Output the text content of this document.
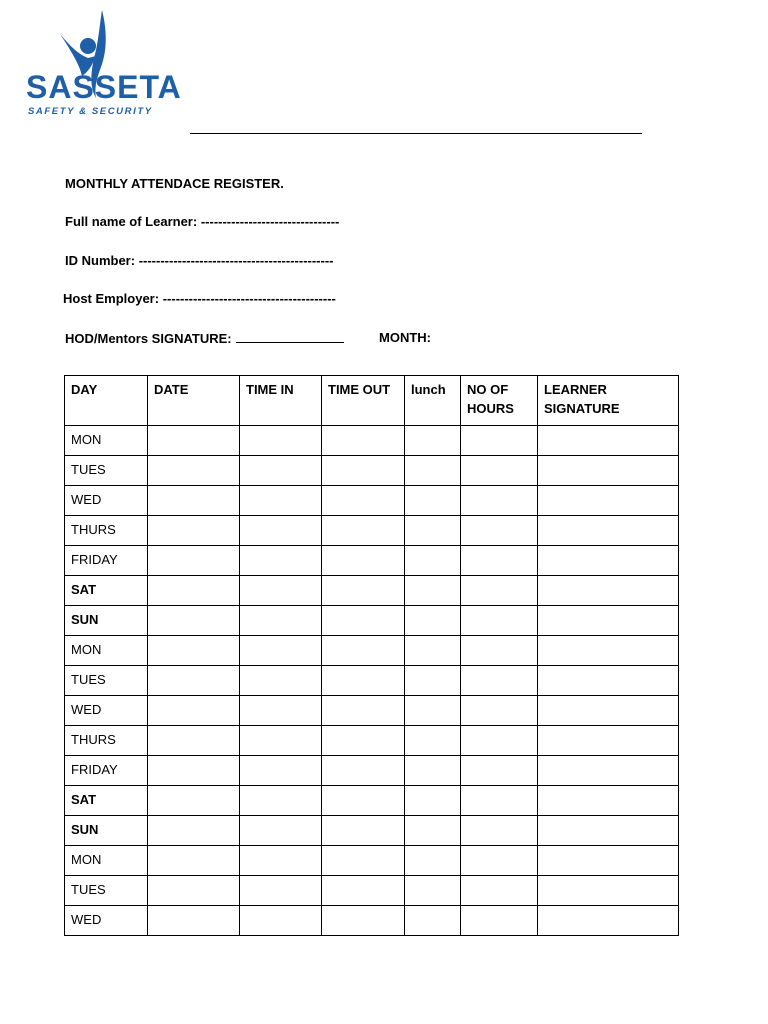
SASSETA
SAFETY & SECURITY
MONTHLY ATTENDACE REGISTER.
Full name of Learner: --------------------------------
ID Number: ---------------------------------------------
Host Employer: ----------------------------------------
HOD/Mentors SIGNATURE:	MONTH:
DAY	DATE	TIME IN	TIME OUT	lunch	NO OF HOURS	LEARNER SIGNATURE
MON						
TUES						
WED						
THURS						
FRIDAY						
SAT						
SUN						
MON						
TUES						
WED						
THURS						
FRIDAY						
SAT						
SUN						
MON						
TUES						
WED						
